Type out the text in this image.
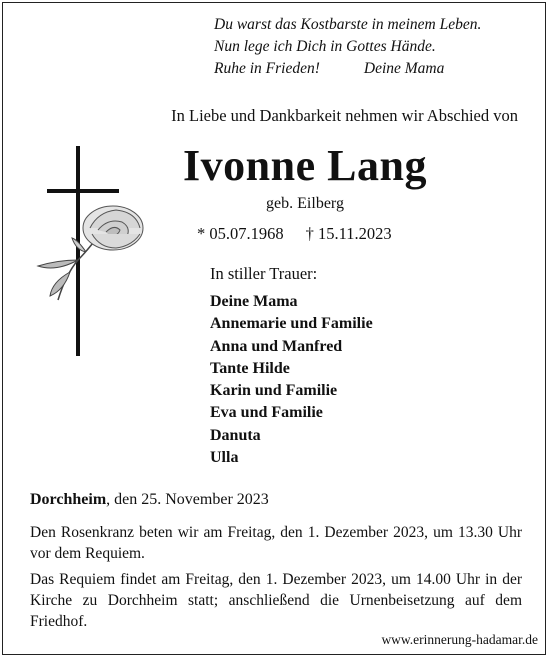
Du warst das Kostbarste in meinem Leben.
Nun lege ich Dich in Gottes Hände.
Ruhe in Frieden!	Deine Mama
In Liebe und Dankbarkeit nehmen wir Abschied von
Ivonne Lang
geb. Eilberg
* 05.07.1968 † 15.11.2023
In stiller Trauer:
Deine Mama
Annemarie und Familie
Anna und Manfred
Tante Hilde
Karin und Familie
Eva und Familie
Danuta
Ulla
Dorchheim, den 25. November 2023
Den Rosenkranz beten wir am Freitag, den 1. Dezember 2023, um 13.30 Uhr vor dem Requiem.
Das Requiem findet am Freitag, den 1. Dezember 2023, um 14.00 Uhr in der Kirche zu Dorchheim statt; anschließend die Urnenbeisetzung auf dem Friedhof.
www.erinnerung-hadamar.de
